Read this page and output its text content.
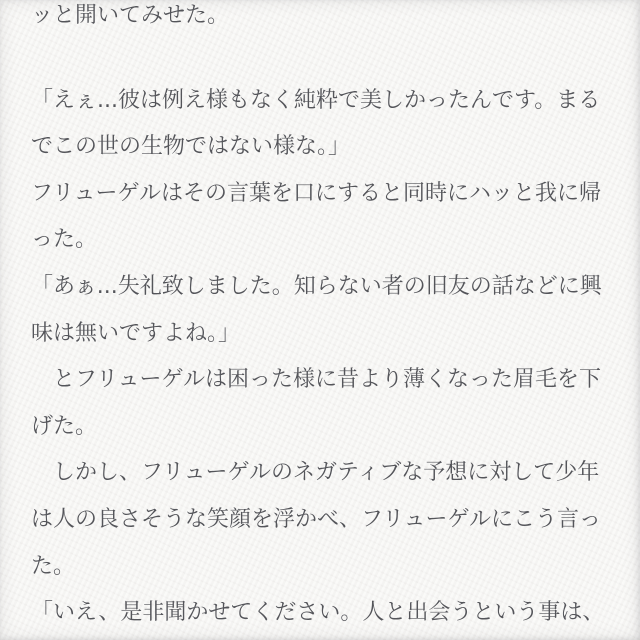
ッと開いてみせた。
「えぇ...彼は例え様もなく純粋で美しかったんです。まる
でこの世の生物ではない様な。」
フリューゲルはその言葉を口にすると同時にハッと我に帰
った。
「あぁ...失礼致しました。知らない者の旧友の話などに興
味は無いですよね。」
　とフリューゲルは困った様に昔より薄くなった眉毛を下
げた。
　しかし、フリューゲルのネガティブな予想に対して少年
は人の良さそうな笑顔を浮かべ、フリューゲルにこう言っ
た。
「いえ、是非聞かせてください。人と出会うという事は、
